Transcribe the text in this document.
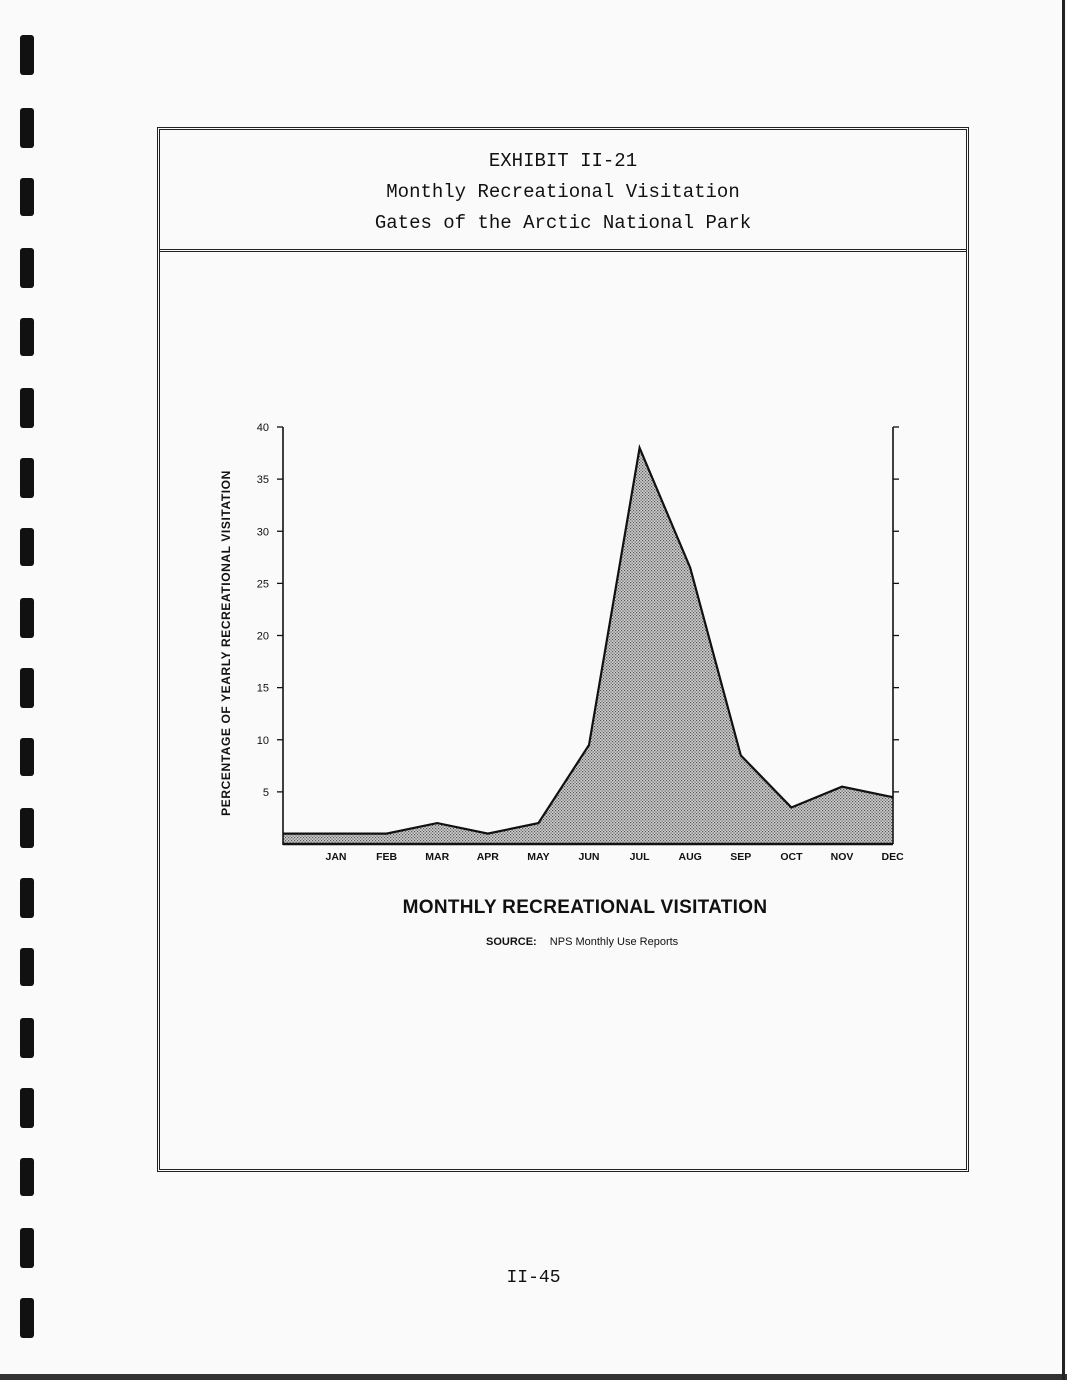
EXHIBIT II-21
Monthly Recreational Visitation
Gates of the Arctic National Park
PERCENTAGE OF YEARLY RECREATIONAL VISITATION	5
10
15
20
25
30
35
40
JAN	FEB	MAR	APR	MAY	JUN	JUL	AUG	SEP	OCT	NOV	DEC
MONTHLY RECREATIONAL VISITATION
SOURCE: NPS Monthly Use Reports
II-45
